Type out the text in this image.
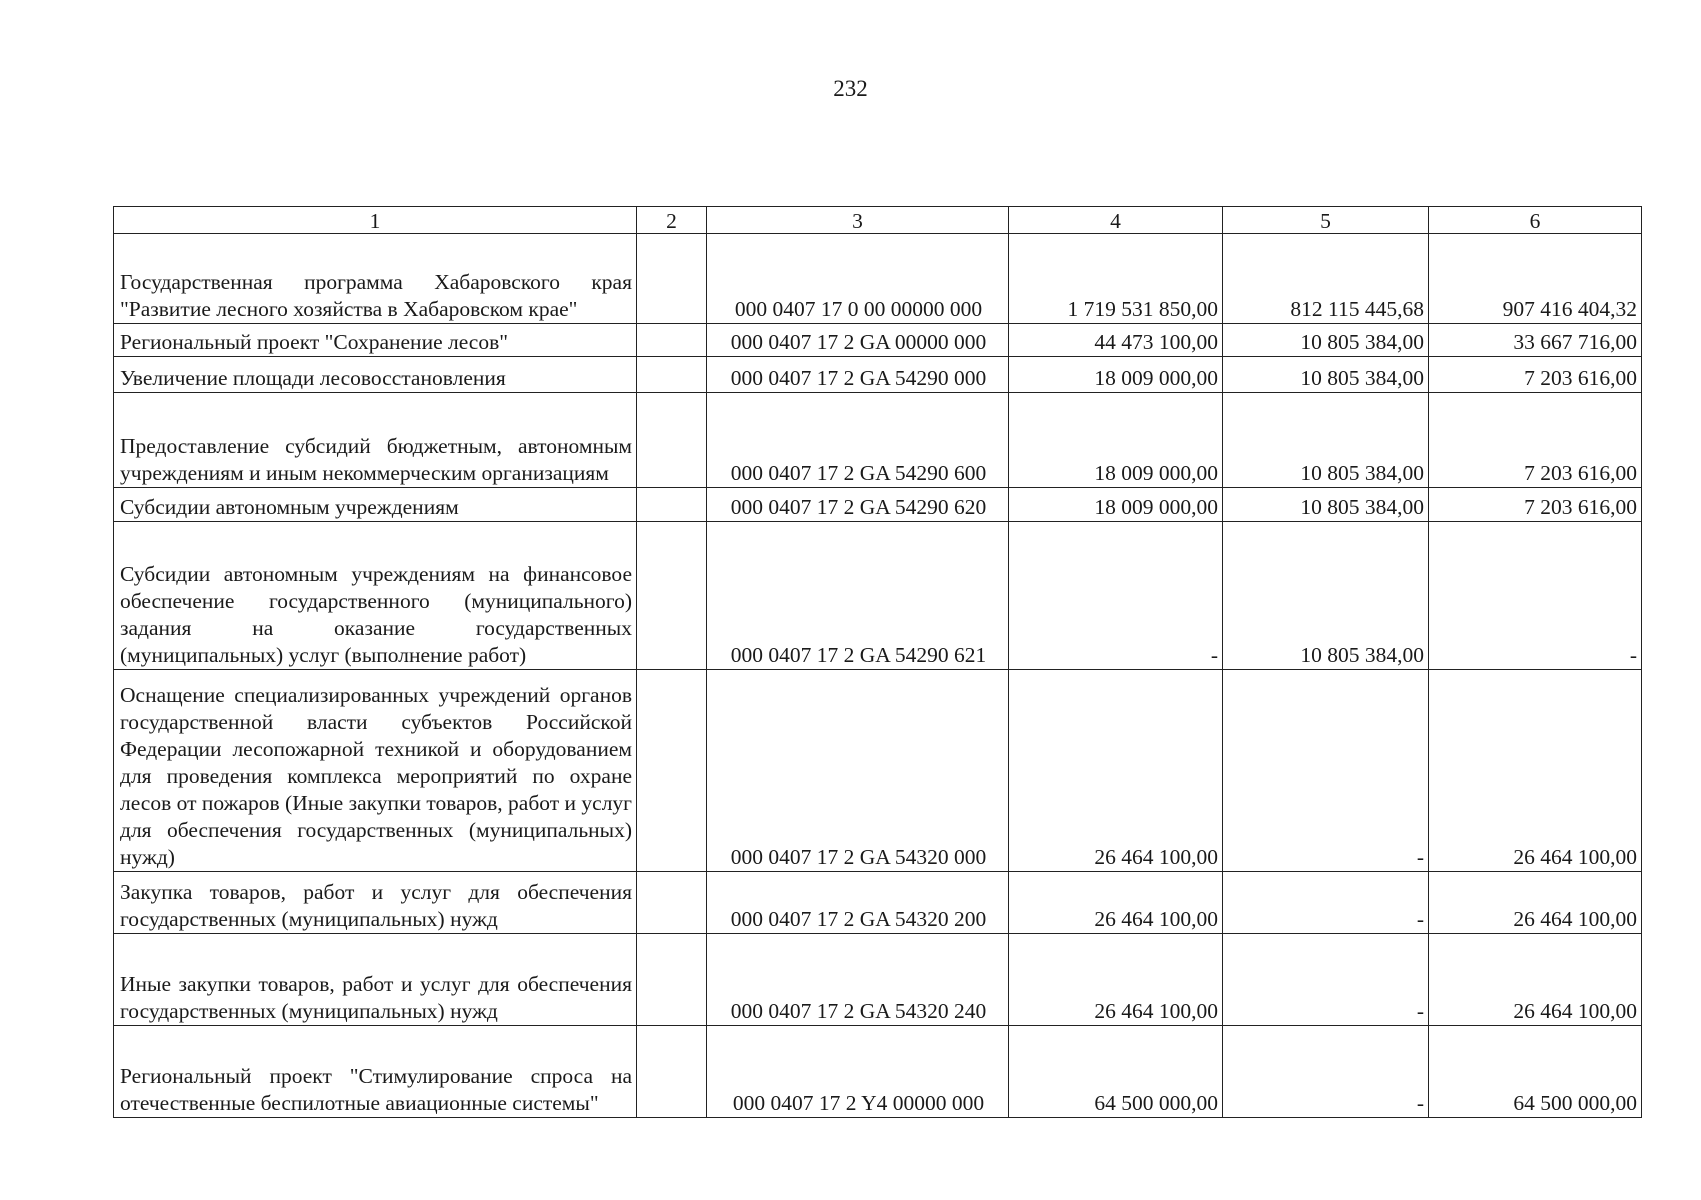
232
1	2	3	4	5	6
Государственная программа Хабаровского края "Развитие лесного хозяйства в Хабаровском крае"		000 0407 17 0 00 00000 000	1 719 531 850,00	812 115 445,68	907 416 404,32
Региональный проект "Сохранение лесов"		000 0407 17 2 GA 00000 000	44 473 100,00	10 805 384,00	33 667 716,00
Увеличение площади лесовосстановления		000 0407 17 2 GA 54290 000	18 009 000,00	10 805 384,00	7 203 616,00
Предоставление субсидий бюджетным, автономным учреждениям и иным некоммерческим организациям		000 0407 17 2 GA 54290 600	18 009 000,00	10 805 384,00	7 203 616,00
Субсидии автономным учреждениям		000 0407 17 2 GA 54290 620	18 009 000,00	10 805 384,00	7 203 616,00
Субсидии автономным учреждениям на финансовое обеспечение государственного (муниципального) задания на оказание государственных (муниципальных) услуг (выполнение работ)		000 0407 17 2 GA 54290 621	-	10 805 384,00	-
Оснащение специализированных учреждений органов государственной власти субъектов Российской Федерации лесопожарной техникой и оборудованием для проведения комплекса мероприятий по охране лесов от пожаров (Иные закупки товаров, работ и услуг для обеспечения государственных (муниципальных) нужд)		000 0407 17 2 GA 54320 000	26 464 100,00	-	26 464 100,00
Закупка товаров, работ и услуг для обеспечения государственных (муниципальных) нужд		000 0407 17 2 GA 54320 200	26 464 100,00	-	26 464 100,00
Иные закупки товаров, работ и услуг для обеспечения государственных (муниципальных) нужд		000 0407 17 2 GA 54320 240	26 464 100,00	-	26 464 100,00
Региональный проект "Стимулирование спроса на отечественные беспилотные авиационные системы"		000 0407 17 2 Y4 00000 000	64 500 000,00	-	64 500 000,00
